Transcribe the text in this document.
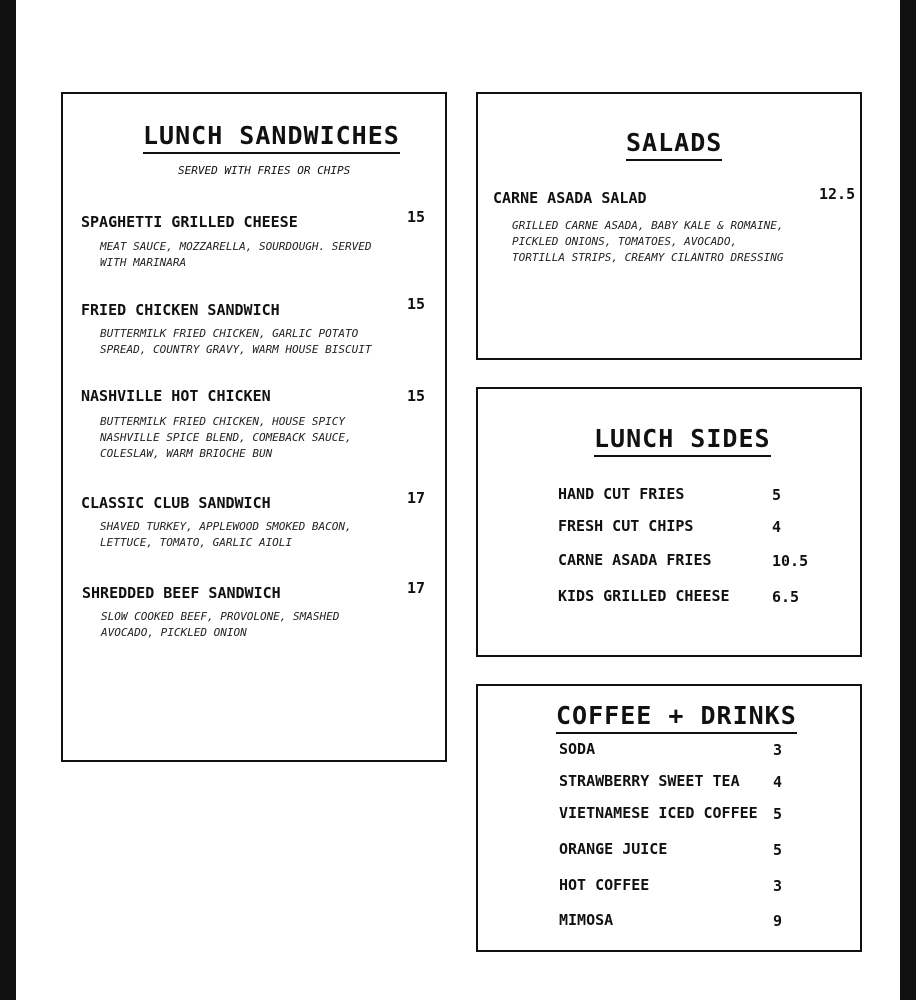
LUNCH SANDWICHES
SERVED WITH FRIES OR CHIPS
SPAGHETTI GRILLED CHEESE	15
MEAT SAUCE, MOZZARELLA, SOURDOUGH. SERVED WITH MARINARA
FRIED CHICKEN SANDWICH	15
BUTTERMILK FRIED CHICKEN, GARLIC POTATO SPREAD, COUNTRY GRAVY, WARM HOUSE BISCUIT
NASHVILLE HOT CHICKEN	15
BUTTERMILK FRIED CHICKEN, HOUSE SPICY NASHVILLE SPICE BLEND, COMEBACK SAUCE, COLESLAW, WARM BRIOCHE BUN
CLASSIC CLUB SANDWICH	17
SHAVED TURKEY, APPLEWOOD SMOKED BACON, LETTUCE, TOMATO, GARLIC AIOLI
SHREDDED BEEF SANDWICH	17
SLOW COOKED BEEF, PROVOLONE, SMASHED AVOCADO, PICKLED ONION
SALADS
CARNE ASADA SALAD	12.5
GRILLED CARNE ASADA, BABY KALE & ROMAINE, PICKLED ONIONS, TOMATOES, AVOCADO, TORTILLA STRIPS, CREAMY CILANTRO DRESSING
LUNCH SIDES
HAND CUT FRIES	5
FRESH CUT CHIPS	4
CARNE ASADA FRIES	10.5
KIDS GRILLED CHEESE	6.5
COFFEE + DRINKS
SODA	3
STRAWBERRY SWEET TEA 4
VIETNAMESE ICED COFFEE 5
ORANGE JUICE	5
HOT COFFEE	3
MIMOSA	9
